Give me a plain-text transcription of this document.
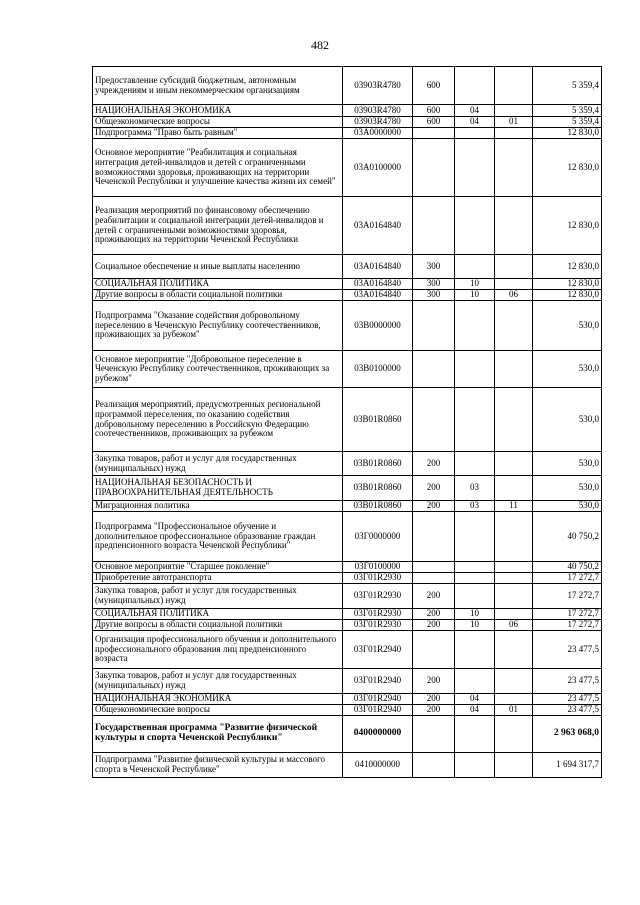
482
Предоставление субсидий бюджетным, автономным учреждениям и иным некоммерческим организациям	03903R4780	600			5 359,4
НАЦИОНАЛЬНАЯ ЭКОНОМИКА	03903R4780	600	04		5 359,4
Общеэкономические вопросы	03903R4780	600	04	01	5 359,4
Подпрограмма "Право быть равным"	03А0000000				12 830,0
Основное мероприятие "Реабилитация и социальная интеграция детей-инвалидов и детей с ограниченными возможностями здоровья, проживающих на территории Чеченской Республики и улучшение качества жизни их семей"	03А0100000				12 830,0
Реализация мероприятий по финансовому обеспечению реабилитации и социальной интеграции детей-инвалидов и детей с ограниченными возможностями здоровья, проживающих на территории Чеченской Республики	03А0164840				12 830,0
Социальное обеспечение и иные выплаты населению	03А0164840	300			12 830,0
СОЦИАЛЬНАЯ ПОЛИТИКА	03А0164840	300	10		12 830,0
Другие вопросы в области социальной политики	03А0164840	300	10	06	12 830,0
Подпрограмма "Оказание содействия добровольному переселению в Чеченскую Республику соотечественников, проживающих за рубежом"	03В0000000				530,0
Основное мероприятие "Добровольное переселение в Чеченскую Республику соотечественников, проживающих за рубежом"	03В0100000				530,0
Реализация мероприятий, предусмотренных региональной программой переселения, по оказанию содействия добровольному переселению в Российскую Федерацию соотечественников, проживающих за рубежом	03В01R0860				530,0
Закупка товаров, работ и услуг для государственных (муниципальных) нужд	03В01R0860	200			530,0
НАЦИОНАЛЬНАЯ БЕЗОПАСНОСТЬ И ПРАВООХРАНИТЕЛЬНАЯ ДЕЯТЕЛЬНОСТЬ	03В01R0860	200	03		530,0
Миграционная политика	03В01R0860	200	03	11	530,0
Подпрограмма "Профессиональное обучение и дополнительное профессиональное образование граждан предпенсионного возраста Чеченской Республики"	03Г0000000				40 750,2
Основное мероприятие "Старшее поколение"	03Г0100000				40 750,2
Приобретение автотранспорта	03Г01R2930				17 272,7
Закупка товаров, работ и услуг для государственных (муниципальных) нужд	03Г01R2930	200			17 272,7
СОЦИАЛЬНАЯ ПОЛИТИКА	03Г01R2930	200	10		17 272,7
Другие вопросы в области социальной политики	03Г01R2930	200	10	06	17 272,7
Организация профессионального обучения и дополнительного профессионального образования лиц предпенсионного возраста	03Г01R2940				23 477,5
Закупка товаров, работ и услуг для государственных (муниципальных) нужд	03Г01R2940	200			23 477,5
НАЦИОНАЛЬНАЯ ЭКОНОМИКА	03Г01R2940	200	04		23 477,5
Общеэкономические вопросы	03Г01R2940	200	04	01	23 477,5
Государственная программа "Развитие физической культуры и спорта Чеченской Республики"	0400000000				2 963 068,0
Подпрограмма "Развитие физической культуры и массового спорта в Чеченской Республике"	0410000000				1 694 317,7
